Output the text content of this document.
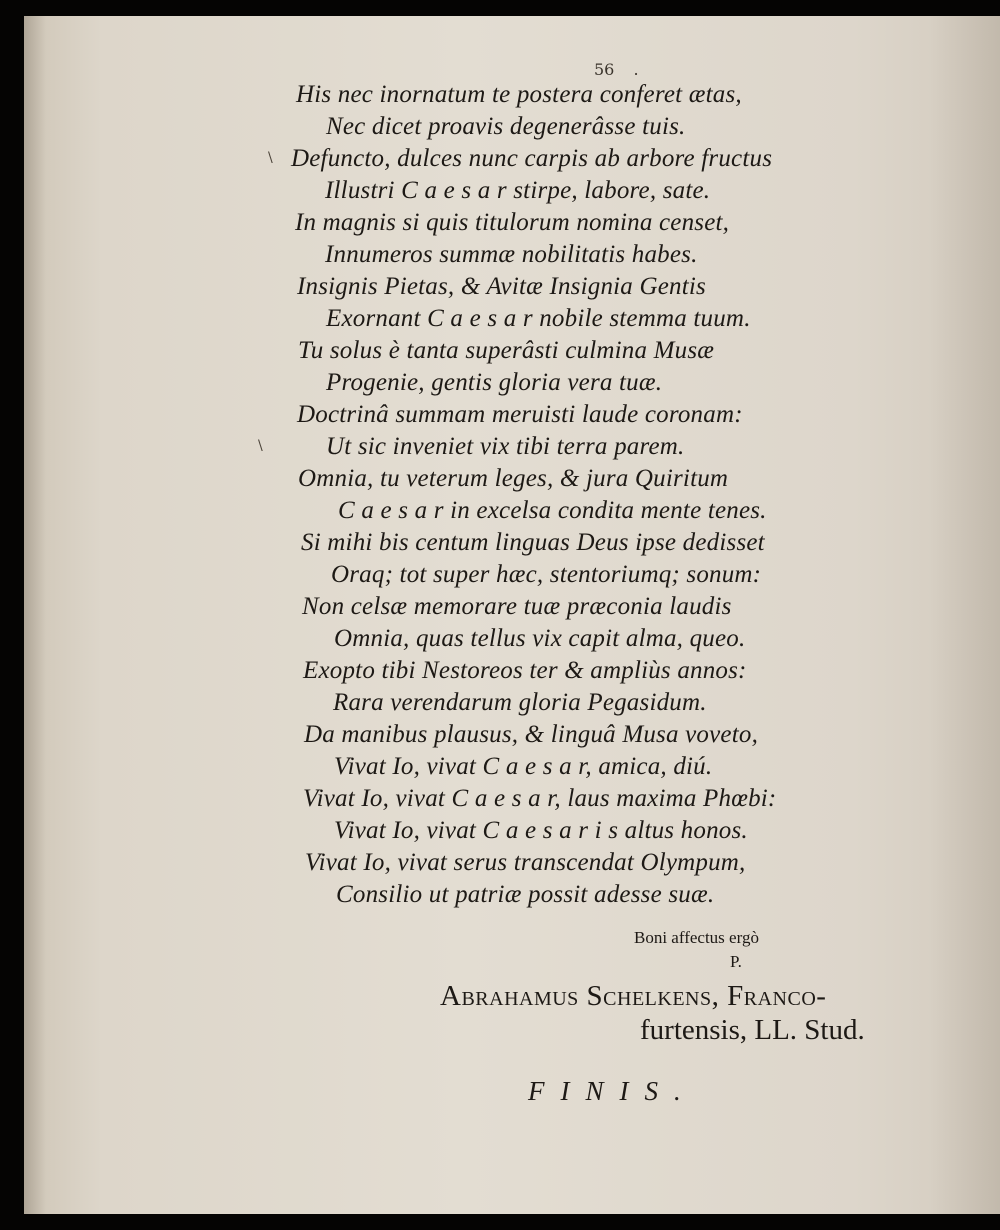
56 .
\
\
His nec inornatum te postera conferet ætas,
Nec dicet proavis degenerâsse tuis.
Defuncto, dulces nunc carpis ab arbore fructus
Illustri C a e s a r stirpe, labore, sate.
In magnis si quis titulorum nomina censet,
Innumeros summæ nobilitatis habes.
Insignis Pietas, & Avitæ Insignia Gentis
Exornant C a e s a r nobile stemma tuum.
Tu solus è tanta superâsti culmina Musæ
Progenie, gentis gloria vera tuæ.
Doctrinâ summam meruisti laude coronam:
Ut sic inveniet vix tibi terra parem.
Omnia, tu veterum leges, & jura Quiritum
C a e s a r in excelsa condita mente tenes.
Si mihi bis centum linguas Deus ipse dedisset
Oraq; tot super hæc, stentoriumq; sonum:
Non celsæ memorare tuæ præconia laudis
Omnia, quas tellus vix capit alma, queo.
Exopto tibi Nestoreos ter & ampliùs annos:
Rara verendarum gloria Pegasidum.
Da manibus plausus, & linguâ Musa voveto,
Vivat Io, vivat C a e s a r, amica, diú.
Vivat Io, vivat C a e s a r, laus maxima Phœbi:
Vivat Io, vivat C a e s a r i s altus honos.
Vivat Io, vivat serus transcendat Olympum,
Consilio ut patriæ possit adesse suæ.
Boni affectus ergò
P.
Abrahamus Schelkens, Franco-
furtensis, LL. Stud.
FINIS.
